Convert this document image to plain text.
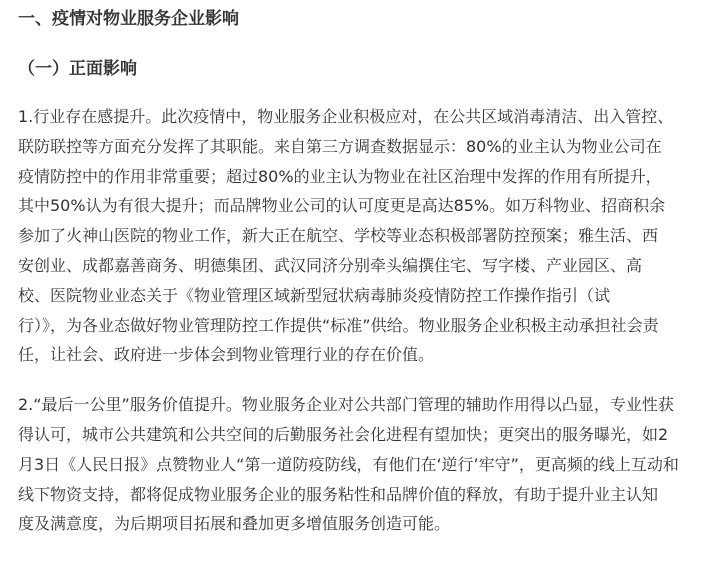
一、疫情对物业服务企业影响
（一）正面影响
1.行业存在感提升。此次疫情中，物业服务企业积极应对，在公共区域消毒清洁、出入管控、
联防联控等方面充分发挥了其职能。来自第三方调查数据显示：80%的业主认为物业公司在
疫情防控中的作用非常重要；超过80%的业主认为物业在社区治理中发挥的作用有所提升，
其中50%认为有很大提升；而品牌物业公司的认可度更是高达85%。如万科物业、招商积余
参加了火神山医院的物业工作，新大正在航空、学校等业态积极部署防控预案；雅生活、西
安创业、成都嘉善商务、明德集团、武汉同济分别牵头编撰住宅、写字楼、产业园区、高
校、医院物业业态关于《物业管理区域新型冠状病毒肺炎疫情防控工作操作指引（试
行）》，为各业态做好物业管理防控工作提供“标准”供给。物业服务企业积极主动承担社会责
任，让社会、政府进一步体会到物业管理行业的存在价值。
2.“最后一公里”服务价值提升。物业服务企业对公共部门管理的辅助作用得以凸显，专业性获
得认可，城市公共建筑和公共空间的后勤服务社会化进程有望加快；更突出的服务曝光，如2
月3日《人民日报》点赞物业人“第一道防疫防线，有他们在‘逆行’牢守”，更高频的线上互动和
线下物资支持，都将促成物业服务企业的服务粘性和品牌价值的释放，有助于提升业主认知
度及满意度，为后期项目拓展和叠加更多增值服务创造可能。
